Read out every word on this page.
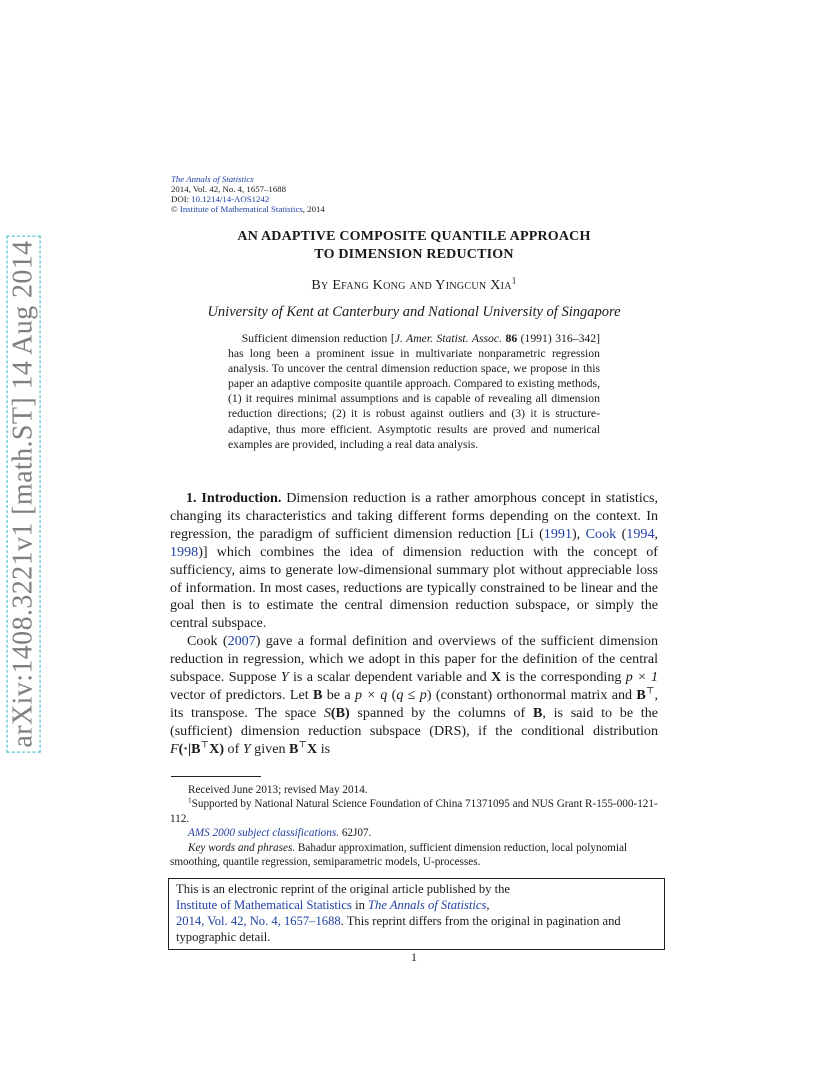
arXiv:1408.3221v1 [math.ST] 14 Aug 2014
The Annals of Statistics
2014, Vol. 42, No. 4, 1657–1688
DOI: 10.1214/14-AOS1242
© Institute of Mathematical Statistics, 2014
AN ADAPTIVE COMPOSITE QUANTILE APPROACH
TO DIMENSION REDUCTION
By Efang Kong and Yingcun Xia$^1$
University of Kent at Canterbury and National University of Singapore
Sufficient dimension reduction [J. Amer. Statist. Assoc. 86 (1991) 316–342] has long been a prominent issue in multivariate nonparametric regression analysis. To uncover the central dimension reduction space, we propose in this paper an adaptive composite quantile approach. Compared to existing methods, (1) it requires minimal assumptions and is capable of revealing all dimension reduction directions; (2) it is robust against outliers and (3) it is structure-adaptive, thus more efficient. Asymptotic results are proved and numerical examples are provided, including a real data analysis.

1. Introduction. Dimension reduction is a rather amorphous concept in statistics, changing its characteristics and taking different forms depending on the context. In regression, the paradigm of sufficient dimension reduction [Li (1991), Cook (1994, 1998)] which combines the idea of dimension reduction with the concept of sufficiency, aims to generate low-dimensional summary plot without appreciable loss of information. In most cases, reductions are typically constrained to be linear and the goal then is to estimate the central dimension reduction subspace, or simply the central subspace.

Cook (2007) gave a formal definition and overviews of the sufficient dimension reduction in regression, which we adopt in this paper for the definition of the central subspace. Suppose Y is a scalar dependent variable and X is the corresponding p × 1 vector of predictors. Let B be a p × q (q ≤ p) (constant) orthonormal matrix and B⊤, its transpose. The space S(B) spanned by the columns of B, is said to be the (sufficient) dimension reduction subspace (DRS), if the conditional distribution F(·|B⊤X) of Y given B⊤X is

Received June 2013; revised May 2014.

$^1$Supported by National Natural Science Foundation of China 71371095 and NUS Grant R-155-000-121-112.

AMS 2000 subject classifications. 62J07.

Key words and phrases. Bahadur approximation, sufficient dimension reduction, local polynomial smoothing, quantile regression, semiparametric models, U-processes.

This is an electronic reprint of the original article published by the
Institute of Mathematical Statistics in The Annals of Statistics,
2014, Vol. 42, No. 4, 1657–1688. This reprint differs from the original in pagination and typographic detail.
1
